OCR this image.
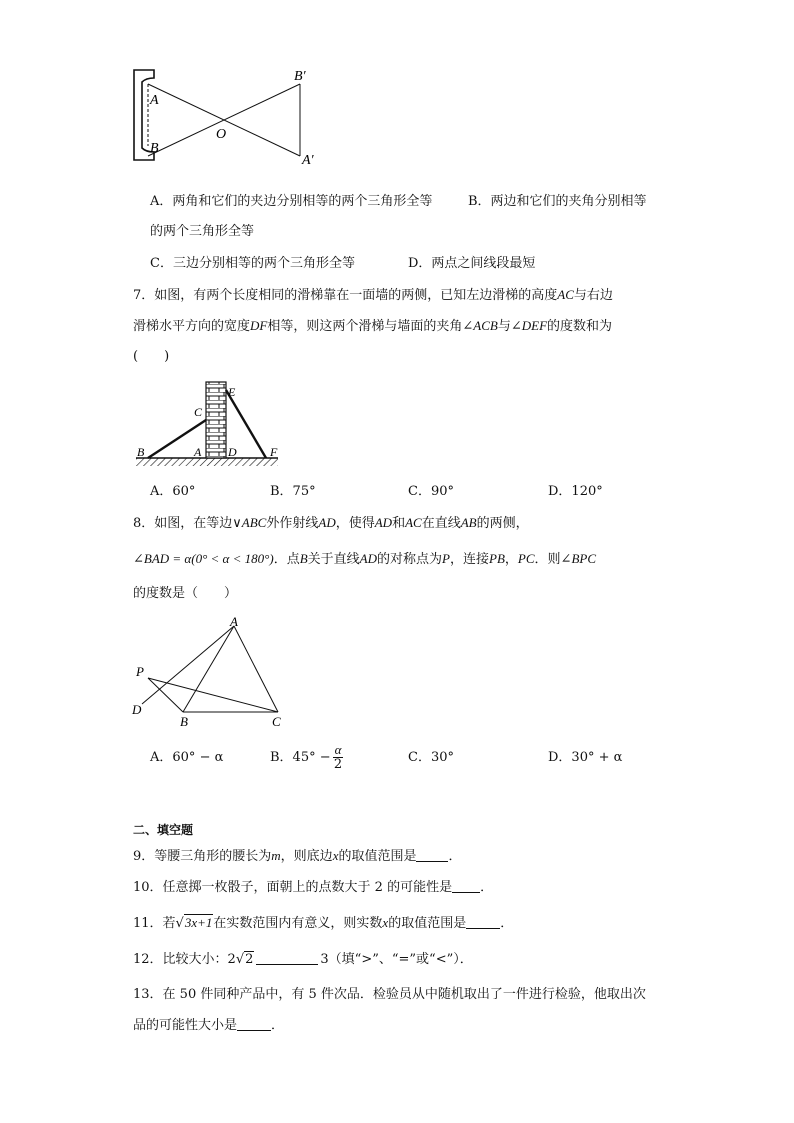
A
B
O
B′
A′
A．两角和它们的夹边分别相等的两个三角形全等	B．两边和它们的夹角分别相等
的两个三角形全等
C．三边分别相等的两个三角形全等	D．两点之间线段最短
7．如图，有两个长度相同的滑梯靠在一面墙的两侧，已知左边滑梯的高度AC与右边
滑梯水平方向的宽度DF相等，则这两个滑梯与墙面的夹角∠ACB与∠DEF的度数和为
(　　)
B
C
A D
E
F
A．60°	B．75°	C．90°	D．120°
8．如图，在等边∨ABC外作射线AD，使得AD和AC在直线AB的两侧，
∠BAD = α(0° < α < 180°)．点B关于直线AD的对称点为P，连接PB，PC．则∠BPC
的度数是（　　）
A
P
D
B	C
A．60° − α	B．$45^\circ - \frac{\alpha}{2}$	C．30°	D．30° + α
二、填空题
9．等腰三角形的腰长为m，则底边x的取值范围是 ．
10．任意掷一枚骰子，面朝上的点数大于 2 的可能性是 ．
11．若√3x+1在实数范围内有意义，则实数x的取值范围是	．
12．比较大小：2√2	3（填“>”、“=”或“<”）．
13．在 50 件同种产品中，有 5 件次品．检验员从中随机取出了一件进行检验，他取出次
品的可能性大小是	．
